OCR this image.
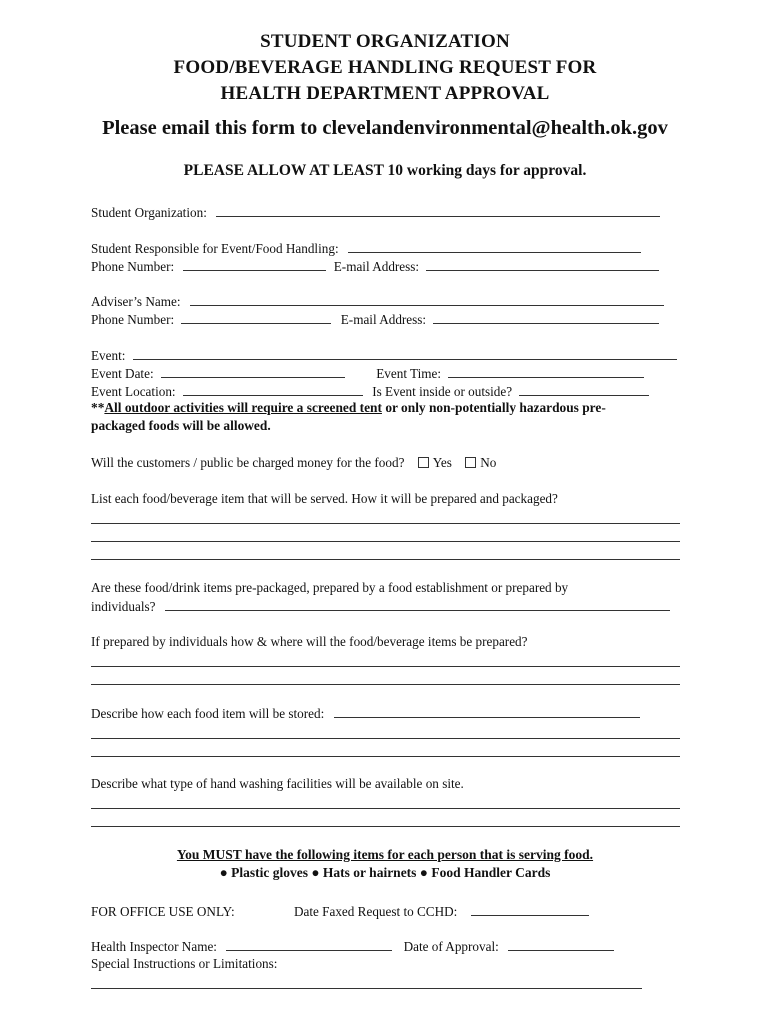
STUDENT ORGANIZATION
FOOD/BEVERAGE HANDLING REQUEST FOR
HEALTH DEPARTMENT APPROVAL
Please email this form to clevelandenvironmental@health.ok.gov
PLEASE ALLOW AT LEAST 10 working days for approval.
Student Organization:
Student Responsible for Event/Food Handling:
Phone Number:	E-mail Address:
Adviser’s Name:
Phone Number:	E-mail Address:
Event:
Event Date:	Event Time:
Event Location:	Is Event inside or outside?
**All outdoor activities will require a screened tent or only non-potentially hazardous pre-
packaged foods will be allowed.
Will the customers / public be charged money for the food? Yes No
List each food/beverage item that will be served. How it will be prepared and packaged?
Are these food/drink items pre-packaged, prepared by a food establishment or prepared by
individuals?
If prepared by individuals how & where will the food/beverage items be prepared?
Describe how each food item will be stored:
Describe what type of hand washing facilities will be available on site.
You MUST have the following items for each person that is serving food.
● Plastic gloves ● Hats or hairnets ● Food Handler Cards
FOR OFFICE USE ONLY:	Date Faxed Request to CCHD:
Health Inspector Name:	Date of Approval:
Special Instructions or Limitations:
